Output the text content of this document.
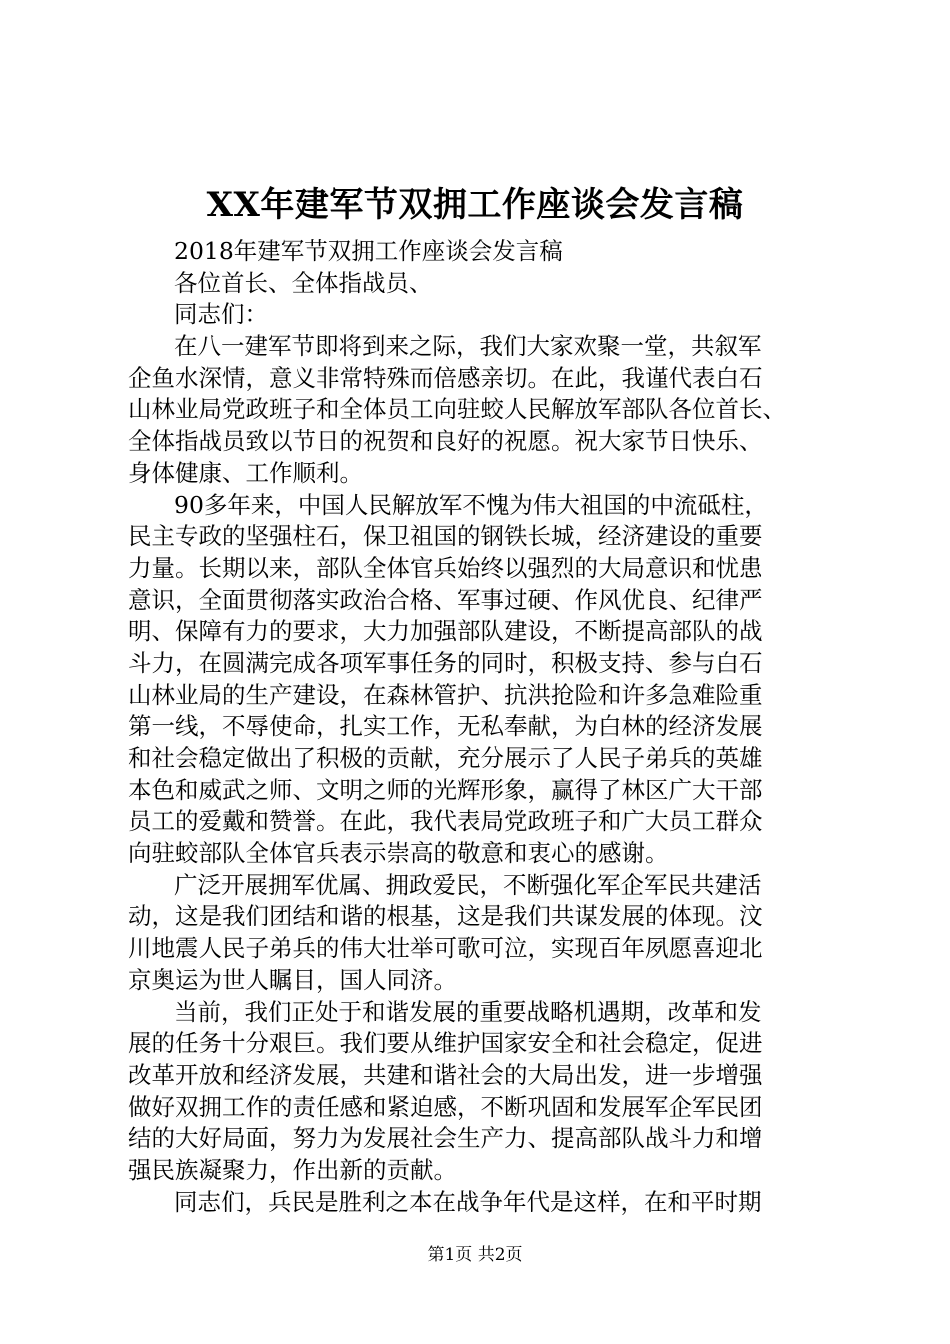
XX年建军节双拥工作座谈会发言稿
2018年建军节双拥工作座谈会发言稿
各位首长、全体指战员、
同志们：
在八一建军节即将到来之际，我们大家欢聚一堂，共叙军
企鱼水深情，意义非常特殊而倍感亲切。在此，我谨代表白石
山林业局党政班子和全体员工向驻蛟人民解放军部队各位首长、
全体指战员致以节日的祝贺和良好的祝愿。祝大家节日快乐、
身体健康、工作顺利。
90多年来，中国人民解放军不愧为伟大祖国的中流砥柱，
民主专政的坚强柱石，保卫祖国的钢铁长城，经济建设的重要
力量。长期以来，部队全体官兵始终以强烈的大局意识和忧患
意识，全面贯彻落实政治合格、军事过硬、作风优良、纪律严
明、保障有力的要求，大力加强部队建设，不断提高部队的战
斗力，在圆满完成各项军事任务的同时，积极支持、参与白石
山林业局的生产建设，在森林管护、抗洪抢险和许多急难险重
第一线，不辱使命，扎实工作，无私奉献，为白林的经济发展
和社会稳定做出了积极的贡献，充分展示了人民子弟兵的英雄
本色和威武之师、文明之师的光辉形象，赢得了林区广大干部
员工的爱戴和赞誉。在此，我代表局党政班子和广大员工群众
向驻蛟部队全体官兵表示崇高的敬意和衷心的感谢。
广泛开展拥军优属、拥政爱民，不断强化军企军民共建活
动，这是我们团结和谐的根基，这是我们共谋发展的体现。汶
川地震人民子弟兵的伟大壮举可歌可泣，实现百年夙愿喜迎北
京奥运为世人瞩目，国人同济。
当前，我们正处于和谐发展的重要战略机遇期，改革和发
展的任务十分艰巨。我们要从维护国家安全和社会稳定，促进
改革开放和经济发展，共建和谐社会的大局出发，进一步增强
做好双拥工作的责任感和紧迫感，不断巩固和发展军企军民团
结的大好局面，努力为发展社会生产力、提高部队战斗力和增
强民族凝聚力，作出新的贡献。
同志们，兵民是胜利之本在战争年代是这样，在和平时期
第1页 共2页
